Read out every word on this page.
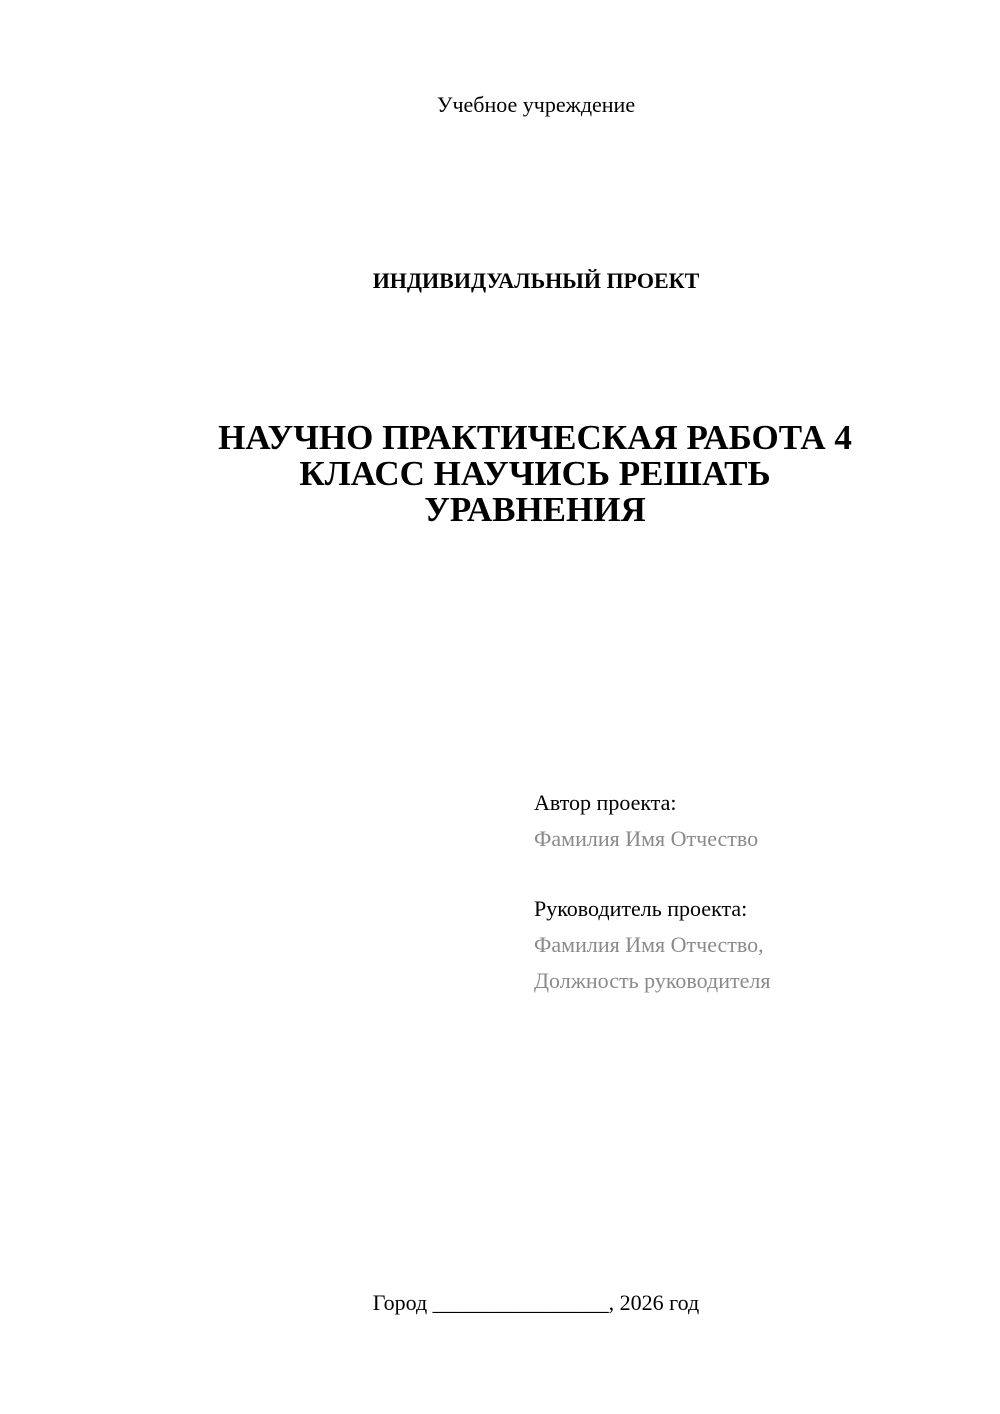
Учебное учреждение
ИНДИВИДУАЛЬНЫЙ ПРОЕКТ
НАУЧНО ПРАКТИЧЕСКАЯ РАБОТА 4
КЛАСС НАУЧИСЬ РЕШАТЬ
УРАВНЕНИЯ
Автор проекта:
Фамилия Имя Отчество
Руководитель проекта:
Фамилия Имя Отчество,
Должность руководителя
Город ________________, 2026 год
